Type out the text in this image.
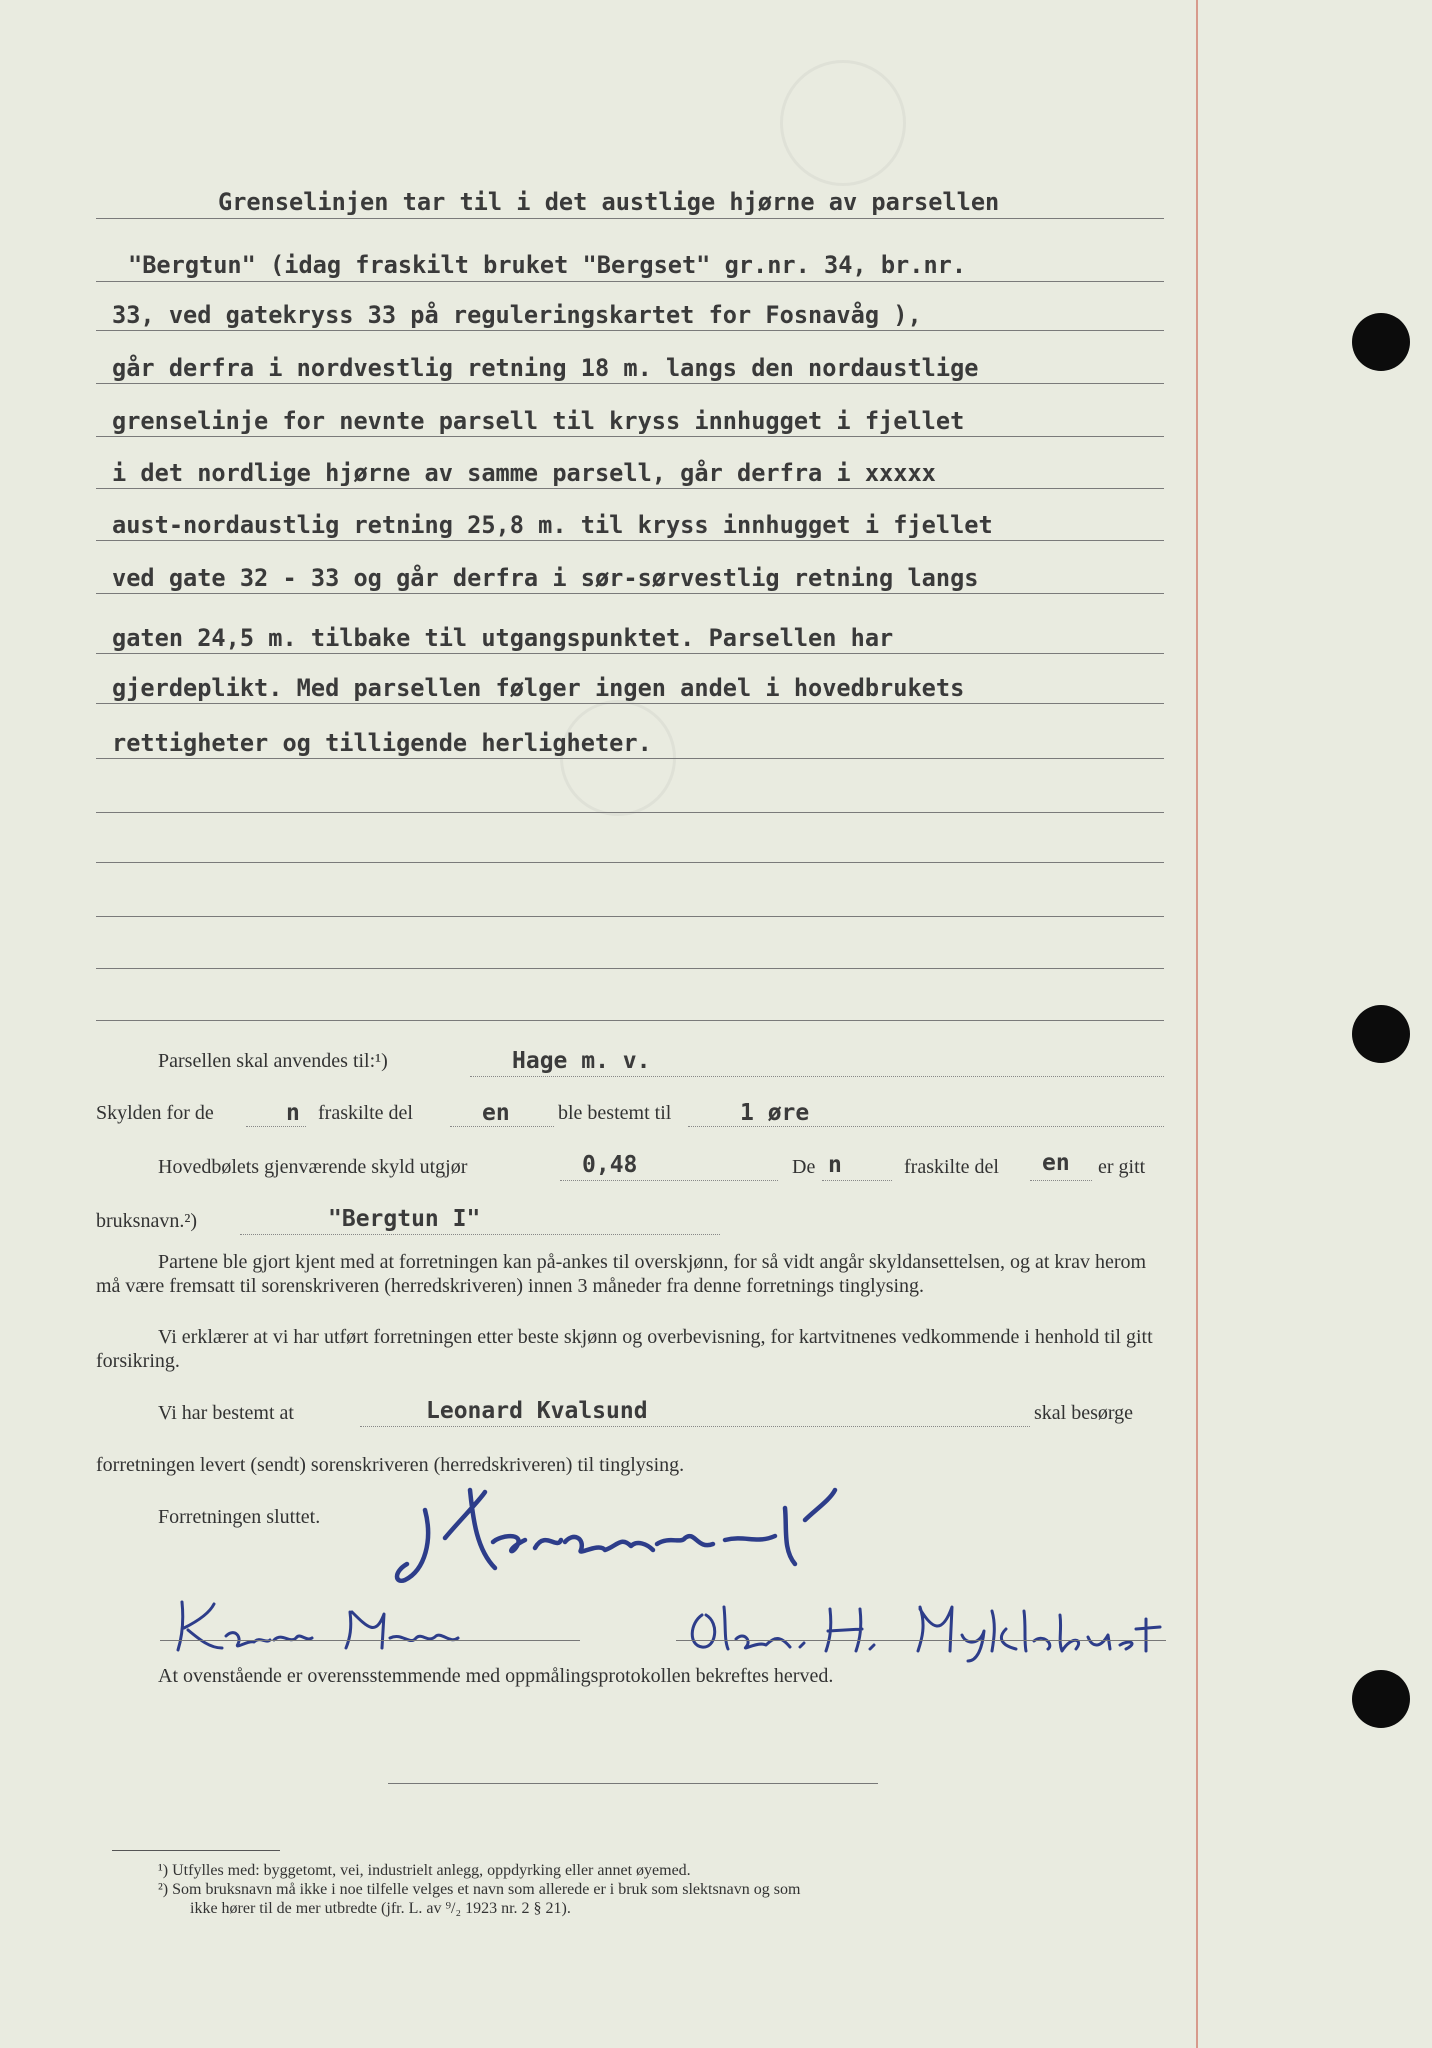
Grenselinjen tar til i det austlige hjørne av parsellen
"Bergtun" (idag fraskilt bruket "Bergset" gr.nr. 34, br.nr.
33, ved gatekryss 33 på reguleringskartet for Fosnavåg ),
går derfra i nordvestlig retning 18 m. langs den nordaustlige
grenselinje for nevnte parsell til kryss innhugget i fjellet
i det nordlige hjørne av samme parsell, går derfra i xxxxx
aust-nordaustlig retning 25,8 m. til kryss innhugget i fjellet
ved gate 32 - 33 og går derfra i sør-sørvestlig retning langs
gaten 24,5 m. tilbake til utgangspunktet. Parsellen har
gjerdeplikt. Med parsellen følger ingen andel i hovedbrukets
rettigheter og tilligende herligheter.
Parsellen skal anvendes til:¹)	Hage m. v.
Skylden for de	n fraskilte del	en ble bestemt til	1 øre
Hovedbølets gjenværende skyld utgjør	0,48	De n	fraskilte del en er gitt
bruksnavn.²)	"Bergtun I"
Partene ble gjort kjent med at forretningen kan på-ankes til overskjønn, for så vidt angår skyldansettelsen, og at krav herom må være fremsatt til sorenskriveren (herredskriveren) innen 3 måneder fra denne forretnings tinglysing.
Vi erklærer at vi har utført forretningen etter beste skjønn og overbevisning, for kartvitnenes vedkommende i henhold til gitt forsikring.
Vi har bestemt at	Leonard Kvalsund	skal besørge
forretningen levert (sendt) sorenskriveren (herredskriveren) til tinglysing.
Forretningen sluttet.
At ovenstående er overensstemmende med oppmålingsprotokollen bekreftes herved.
¹) Utfylles med: byggetomt, vei, industrielt anlegg, oppdyrking eller annet øyemed.
²) Som bruksnavn må ikke i noe tilfelle velges et navn som allerede er i bruk som slektsnavn og som
ikke hører til de mer utbredte (jfr. L. av ⁹/₂ 1923 nr. 2 § 21).
